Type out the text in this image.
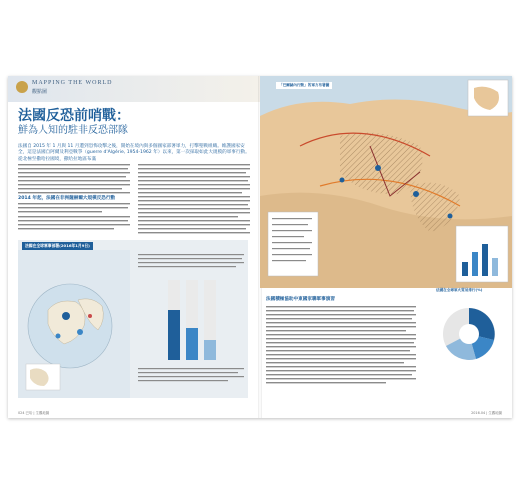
MAPPING THE WORLD
觀點圖
法國反恐前哨戰：
鮮為人知的駐非反恐部隊
法國自 2015 年 1 月與 11 月遭到恐怖攻擊之後，開始在境內與多個國家部署軍力，打擊聖戰組織。維護國家安全，這是法國自阿爾及利亞戰爭（guerre d'Algérie, 1954-1962 年）以來，第一次採取如此大規模的軍事行動。從北極至撒哈拉國境，撒哈拉地區布滿
2014 年起，法國在非洲薩赫爾大規模反恐行動
法國在全球軍事部署(2016年1月9日)
024 巴哈 | 生觀地圖
「巴爾赫內行動」的軍力布署圖
法國積極協助中東國家聯軍事演習
法國在全球軍火貿易排行(%)
2016.04 | 生觀地圖
